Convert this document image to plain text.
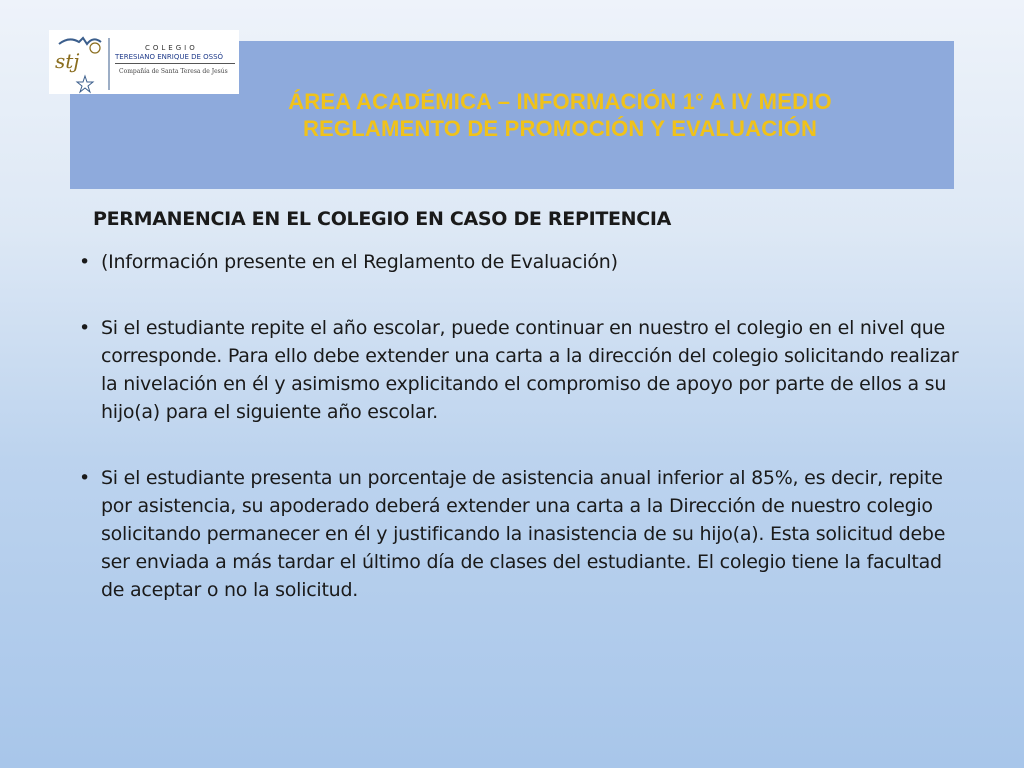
stj
COLEGIO
TERESIANO ENRIQUE DE OSSÓ
Compañía de Santa Teresa de Jesús
ÁREA ACADÉMICA – INFORMACIÓN 1° A IV MEDIO
REGLAMENTO DE PROMOCIÓN Y EVALUACIÓN
PERMANENCIA EN EL COLEGIO EN CASO DE REPITENCIA
• (Información presente en el Reglamento de Evaluación)
• Si el estudiante repite el año escolar, puede continuar en nuestro el colegio en el nivel que corresponde. Para ello debe extender una carta a la dirección del colegio solicitando realizar la nivelación en él y asimismo explicitando el compromiso de apoyo por parte de ellos a su hijo(a) para el siguiente año escolar.
• Si el estudiante presenta un porcentaje de asistencia anual inferior al 85%, es decir, repite por asistencia, su apoderado deberá extender una carta a la Dirección de nuestro colegio solicitando permanecer en él y justificando la inasistencia de su hijo(a). Esta solicitud debe ser enviada a más tardar el último día de clases del estudiante. El colegio tiene la facultad de aceptar o no la solicitud.
